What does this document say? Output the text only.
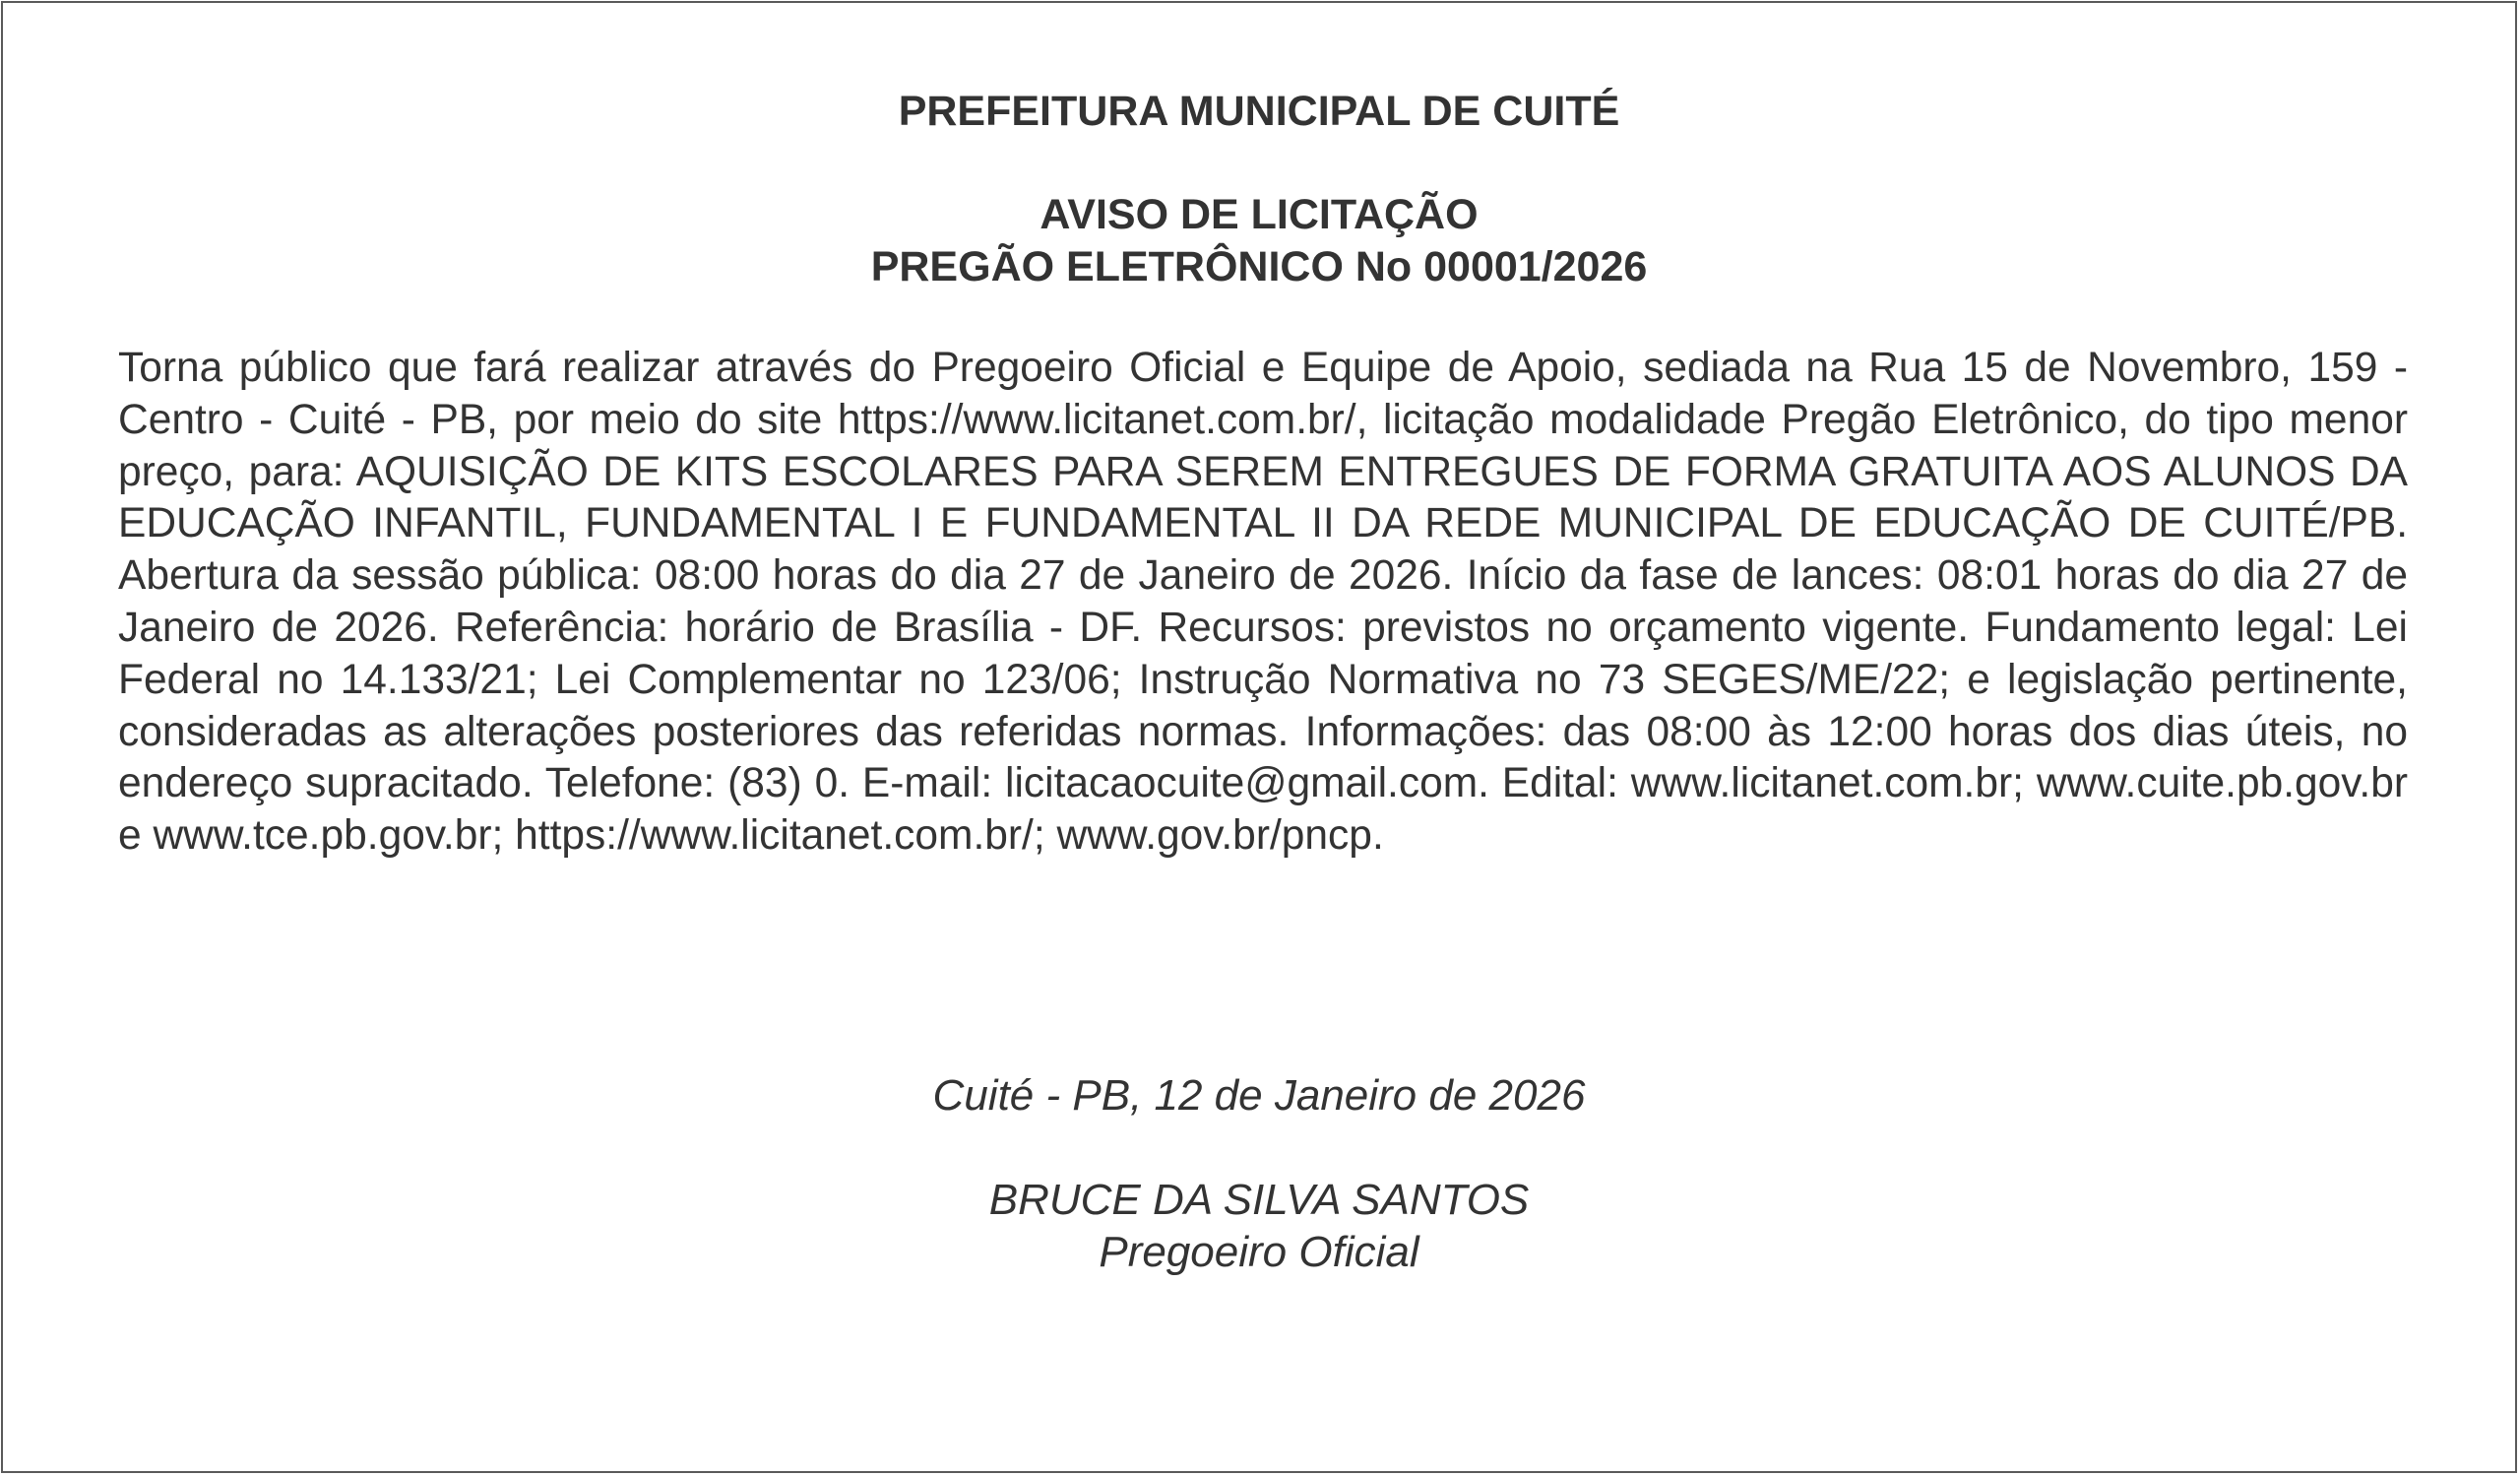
PREFEITURA MUNICIPAL DE CUITÉ
AVISO DE LICITAÇÃO
PREGÃO ELETRÔNICO No 00001/2026

Torna público que fará realizar através do Pregoeiro Oficial e Equipe de Apoio, sediada na Rua 15 de Novembro, 159 - Centro - Cuité - PB, por meio do site https://www.licitanet.com.br/, licitação modalidade Pregão Eletrônico, do tipo menor preço, para: AQUISIÇÃO DE KITS ESCOLARES PARA SEREM ENTREGUES DE FORMA GRATUITA AOS ALUNOS DA EDUCAÇÃO INFANTIL, FUNDAMENTAL I E FUNDAMENTAL II DA REDE MUNICIPAL DE EDUCAÇÃO DE CUITÉ/PB. Abertura da sessão pública: 08:00 horas do dia 27 de Janeiro de 2026. Início da fase de lances: 08:01 horas do dia 27 de Janeiro de 2026. Referência: horário de Brasília - DF. Recursos: previstos no orçamento vigente. Fundamento legal: Lei Federal no 14.133/21; Lei Complementar no 123/06; Instrução Normativa no 73 SEGES/ME/22; e legislação pertinente, consideradas as alterações posteriores das referidas normas. Informações: das 08:00 às 12:00 horas dos dias úteis, no endereço supracitado. Telefone: (83) 0. E-mail: licitacaocuite@gmail.com. Edital: www.licitanet.com.br; www.cuite.pb.gov.br e www.tce.pb.gov.br; https://www.licitanet.com.br/; www.gov.br/pncp.

Cuité - PB, 12 de Janeiro de 2026
BRUCE DA SILVA SANTOS
Pregoeiro Oficial
